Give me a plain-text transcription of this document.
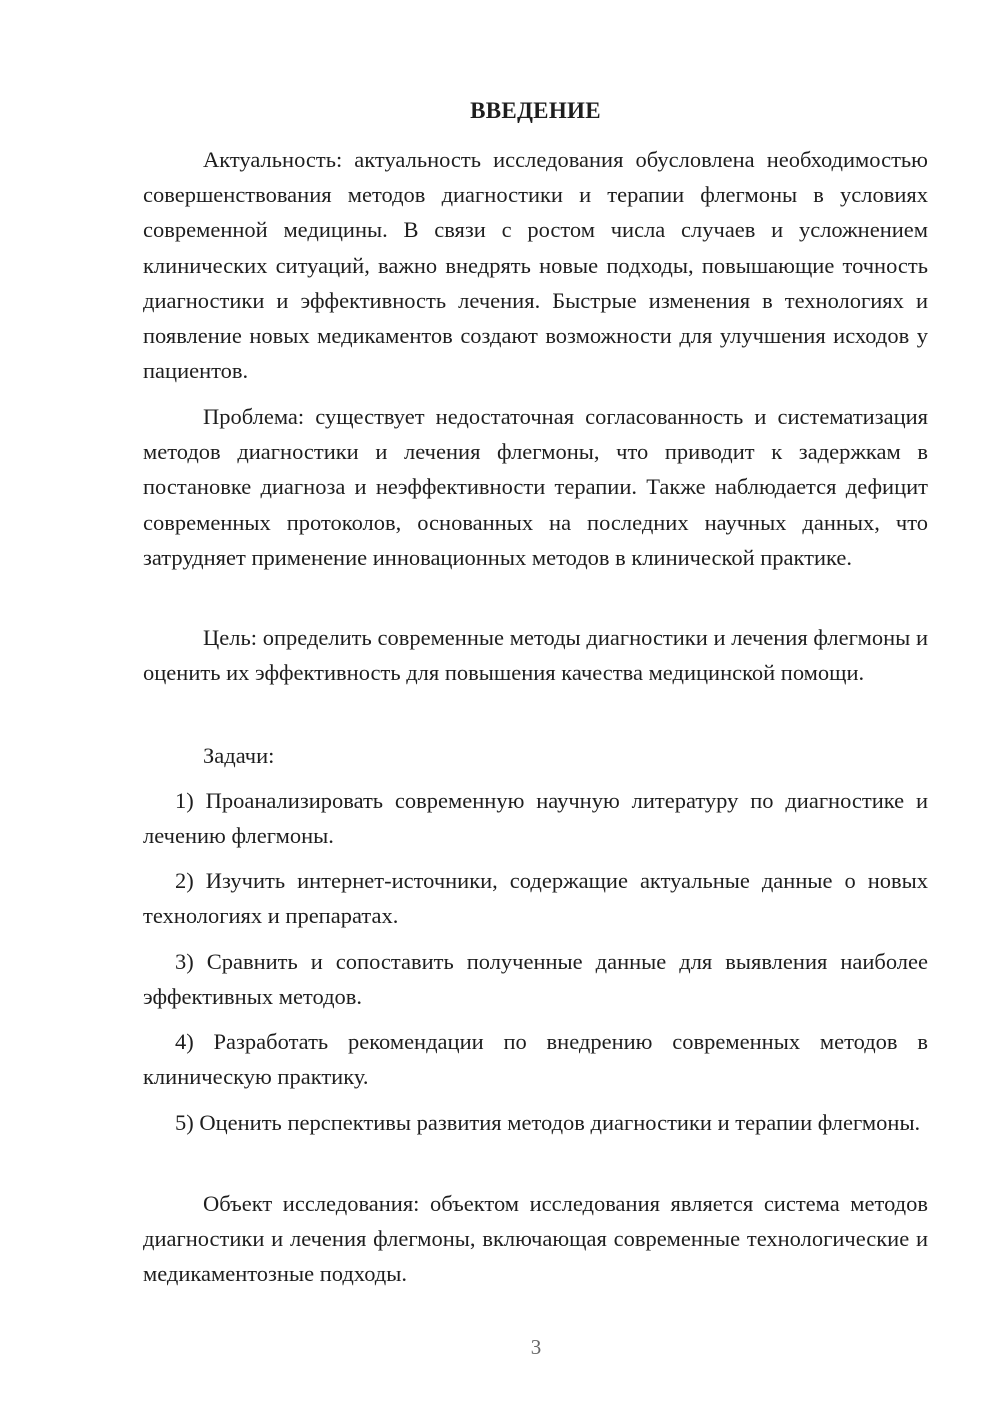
ВВЕДЕНИЕ

Актуальность: актуальность исследования обусловлена необходимостью совершенствования методов диагностики и терапии флегмоны в условиях современной медицины. В связи с ростом числа случаев и усложнением клинических ситуаций, важно внедрять новые подходы, повышающие точность диагностики и эффективность лечения. Быстрые изменения в технологиях и появление новых медикаментов создают возможности для улучшения исходов у пациентов.

Проблема: существует недостаточная согласованность и систематизация методов диагностики и лечения флегмоны, что приводит к задержкам в постановке диагноза и неэффективности терапии. Также наблюдается дефицит современных протоколов, основанных на последних научных данных, что затрудняет применение инновационных методов в клинической практике.

Цель: определить современные методы диагностики и лечения флегмоны и оценить их эффективность для повышения качества медицинской помощи.

Задачи:

1) Проанализировать современную научную литературу по диагностике и лечению флегмоны.

2) Изучить интернет-источники, содержащие актуальные данные о новых технологиях и препаратах.

3) Сравнить и сопоставить полученные данные для выявления наиболее эффективных методов.

4) Разработать рекомендации по внедрению современных методов в клиническую практику.

5) Оценить перспективы развития методов диагностики и терапии флегмоны.

Объект исследования: объектом исследования является система методов диагностики и лечения флегмоны, включающая современные технологические и медикаментозные подходы.

3
